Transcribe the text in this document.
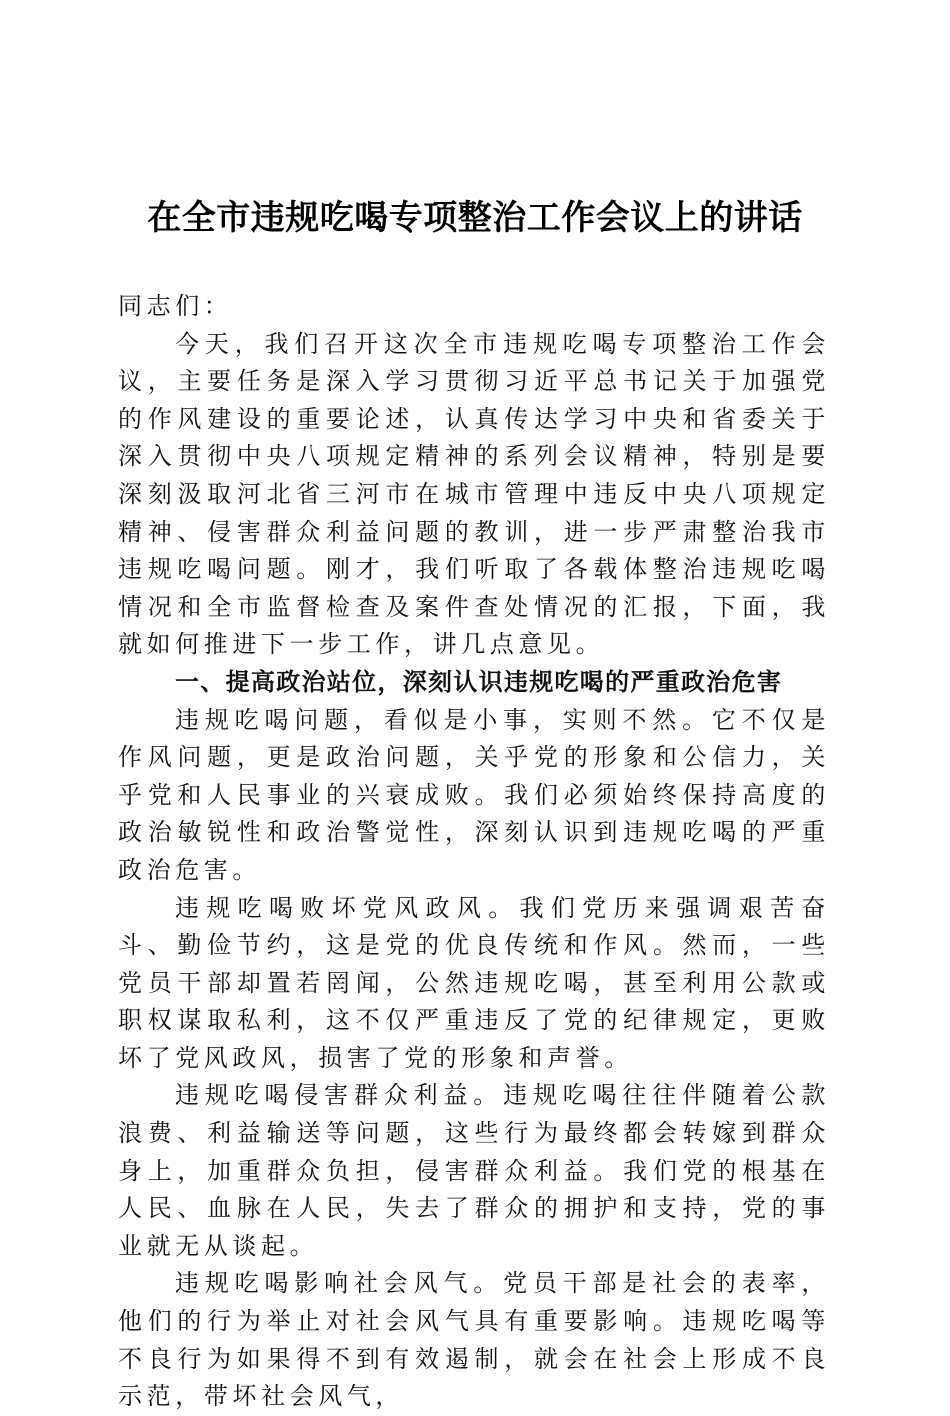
在全市违规吃喝专项整治工作会议上的讲话

同志们：

今天，我们召开这次全市违规吃喝专项整治工作会议，主要任务是深入学习贯彻习近平总书记关于加强党的作风建设的重要论述，认真传达学习中央和省委关于深入贯彻中央八项规定精神的系列会议精神，特别是要深刻汲取河北省三河市在城市管理中违反中央八项规定精神、侵害群众利益问题的教训，进一步严肃整治我市违规吃喝问题。刚才，我们听取了各载体整治违规吃喝情况和全市监督检查及案件查处情况的汇报，下面，我就如何推进下一步工作，讲几点意见。

一、提高政治站位，深刻认识违规吃喝的严重政治危害

违规吃喝问题，看似是小事，实则不然。它不仅是作风问题，更是政治问题，关乎党的形象和公信力，关乎党和人民事业的兴衰成败。我们必须始终保持高度的政治敏锐性和政治警觉性，深刻认识到违规吃喝的严重政治危害。

违规吃喝败坏党风政风。我们党历来强调艰苦奋斗、勤俭节约，这是党的优良传统和作风。然而，一些党员干部却置若罔闻，公然违规吃喝，甚至利用公款或职权谋取私利，这不仅严重违反了党的纪律规定，更败坏了党风政风，损害了党的形象和声誉。

违规吃喝侵害群众利益。违规吃喝往往伴随着公款浪费、利益输送等问题，这些行为最终都会转嫁到群众身上，加重群众负担，侵害群众利益。我们党的根基在人民、血脉在人民，失去了群众的拥护和支持，党的事业就无从谈起。

违规吃喝影响社会风气。党员干部是社会的表率，他们的行为举止对社会风气具有重要影响。违规吃喝等不良行为如果得不到有效遏制，就会在社会上形成不良示范，带坏社会风气，
